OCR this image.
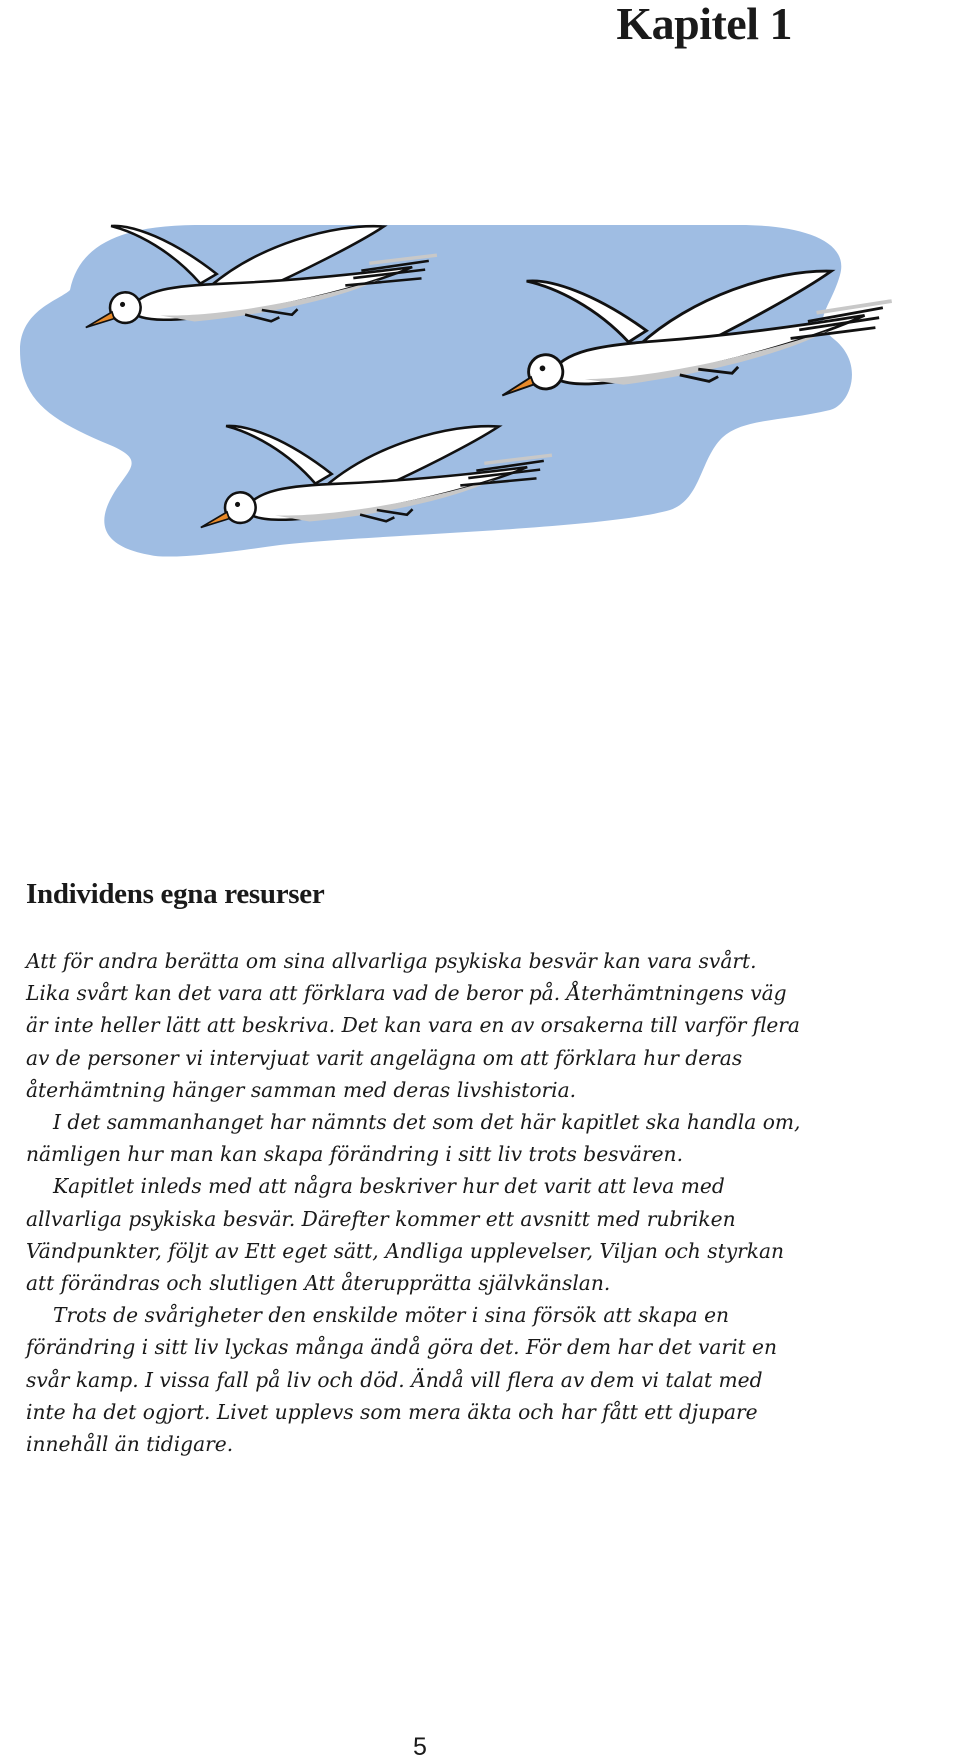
Kapitel 1
Individens egna resurser

Att för andra berätta om sina allvarliga psykiska besvär kan vara svårt. Lika svårt kan det vara att förklara vad de beror på. Återhämtningens väg är inte heller lätt att beskriva. Det kan vara en av orsakerna till varför flera av de personer vi intervjuat varit angelägna om att förklara hur deras återhämtning hänger samman med deras livshistoria.

I det sammanhanget har nämnts det som det här kapitlet ska handla om, nämligen hur man kan skapa förändring i sitt liv trots besvären.

Kapitlet inleds med att några beskriver hur det varit att leva med allvarliga psykiska besvär. Därefter kommer ett avsnitt med rubriken Vändpunkter, följt av Ett eget sätt, Andliga upplevelser, Viljan och styrkan att förändras och slutligen Att återupprätta självkänslan.

Trots de svårigheter den enskilde möter i sina försök att skapa en förändring i sitt liv lyckas många ändå göra det. För dem har det varit en svår kamp. I vissa fall på liv och död. Ändå vill flera av dem vi talat med inte ha det ogjort. Livet upplevs som mera äkta och har fått ett djupare innehåll än tidigare.

5
